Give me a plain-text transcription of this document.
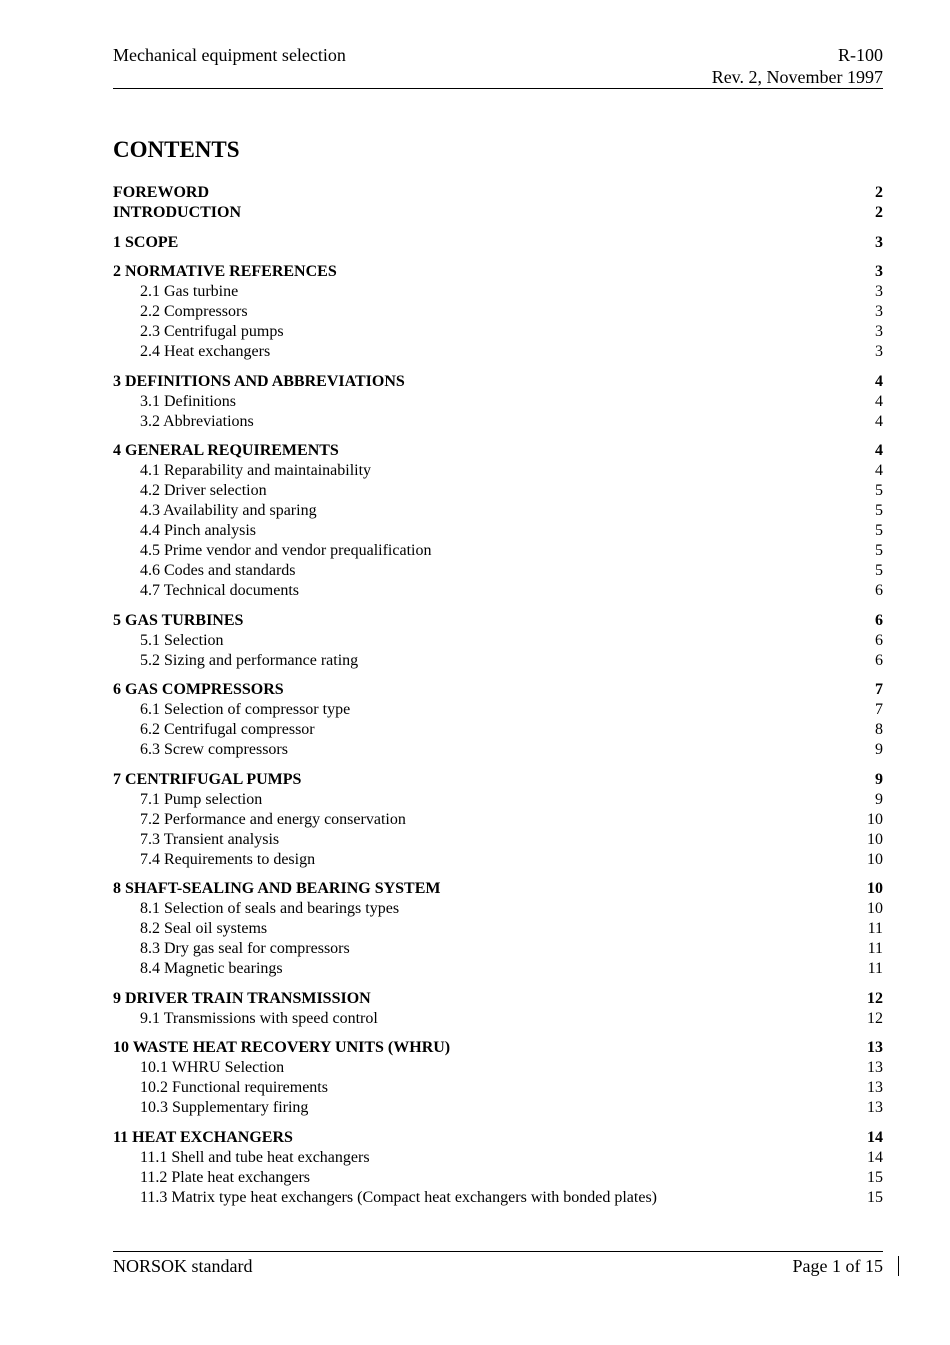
Mechanical equipment selection	R-100
Rev. 2, November 1997
CONTENTS
FOREWORD	2
INTRODUCTION	2
1 SCOPE	3
2 NORMATIVE REFERENCES	3
2.1 Gas turbine	3
2.2 Compressors	3
2.3 Centrifugal pumps	3
2.4 Heat exchangers	3
3 DEFINITIONS AND ABBREVIATIONS	4
3.1 Definitions	4
3.2 Abbreviations	4
4 GENERAL REQUIREMENTS	4
4.1 Reparability and maintainability	4
4.2 Driver selection	5
4.3 Availability and sparing	5
4.4 Pinch analysis	5
4.5 Prime vendor and vendor prequalification	5
4.6 Codes and standards	5
4.7 Technical documents	6
5 GAS TURBINES	6
5.1 Selection	6
5.2 Sizing and performance rating	6
6 GAS COMPRESSORS	7
6.1 Selection of compressor type	7
6.2 Centrifugal compressor	8
6.3 Screw compressors	9
7 CENTRIFUGAL PUMPS	9
7.1 Pump selection	9
7.2 Performance and energy conservation	10
7.3 Transient analysis	10
7.4 Requirements to design	10
8 SHAFT-SEALING AND BEARING SYSTEM	10
8.1 Selection of seals and bearings types	10
8.2 Seal oil systems	11
8.3 Dry gas seal for compressors	11
8.4 Magnetic bearings	11
9 DRIVER TRAIN TRANSMISSION	12
9.1 Transmissions with speed control	12
10 WASTE HEAT RECOVERY UNITS (WHRU)	13
10.1 WHRU Selection	13
10.2 Functional requirements	13
10.3 Supplementary firing	13
11 HEAT EXCHANGERS	14
11.1 Shell and tube heat exchangers	14
11.2 Plate heat exchangers	15
11.3 Matrix type heat exchangers (Compact heat exchangers with bonded plates)	15
NORSOK standard	Page 1 of 15
